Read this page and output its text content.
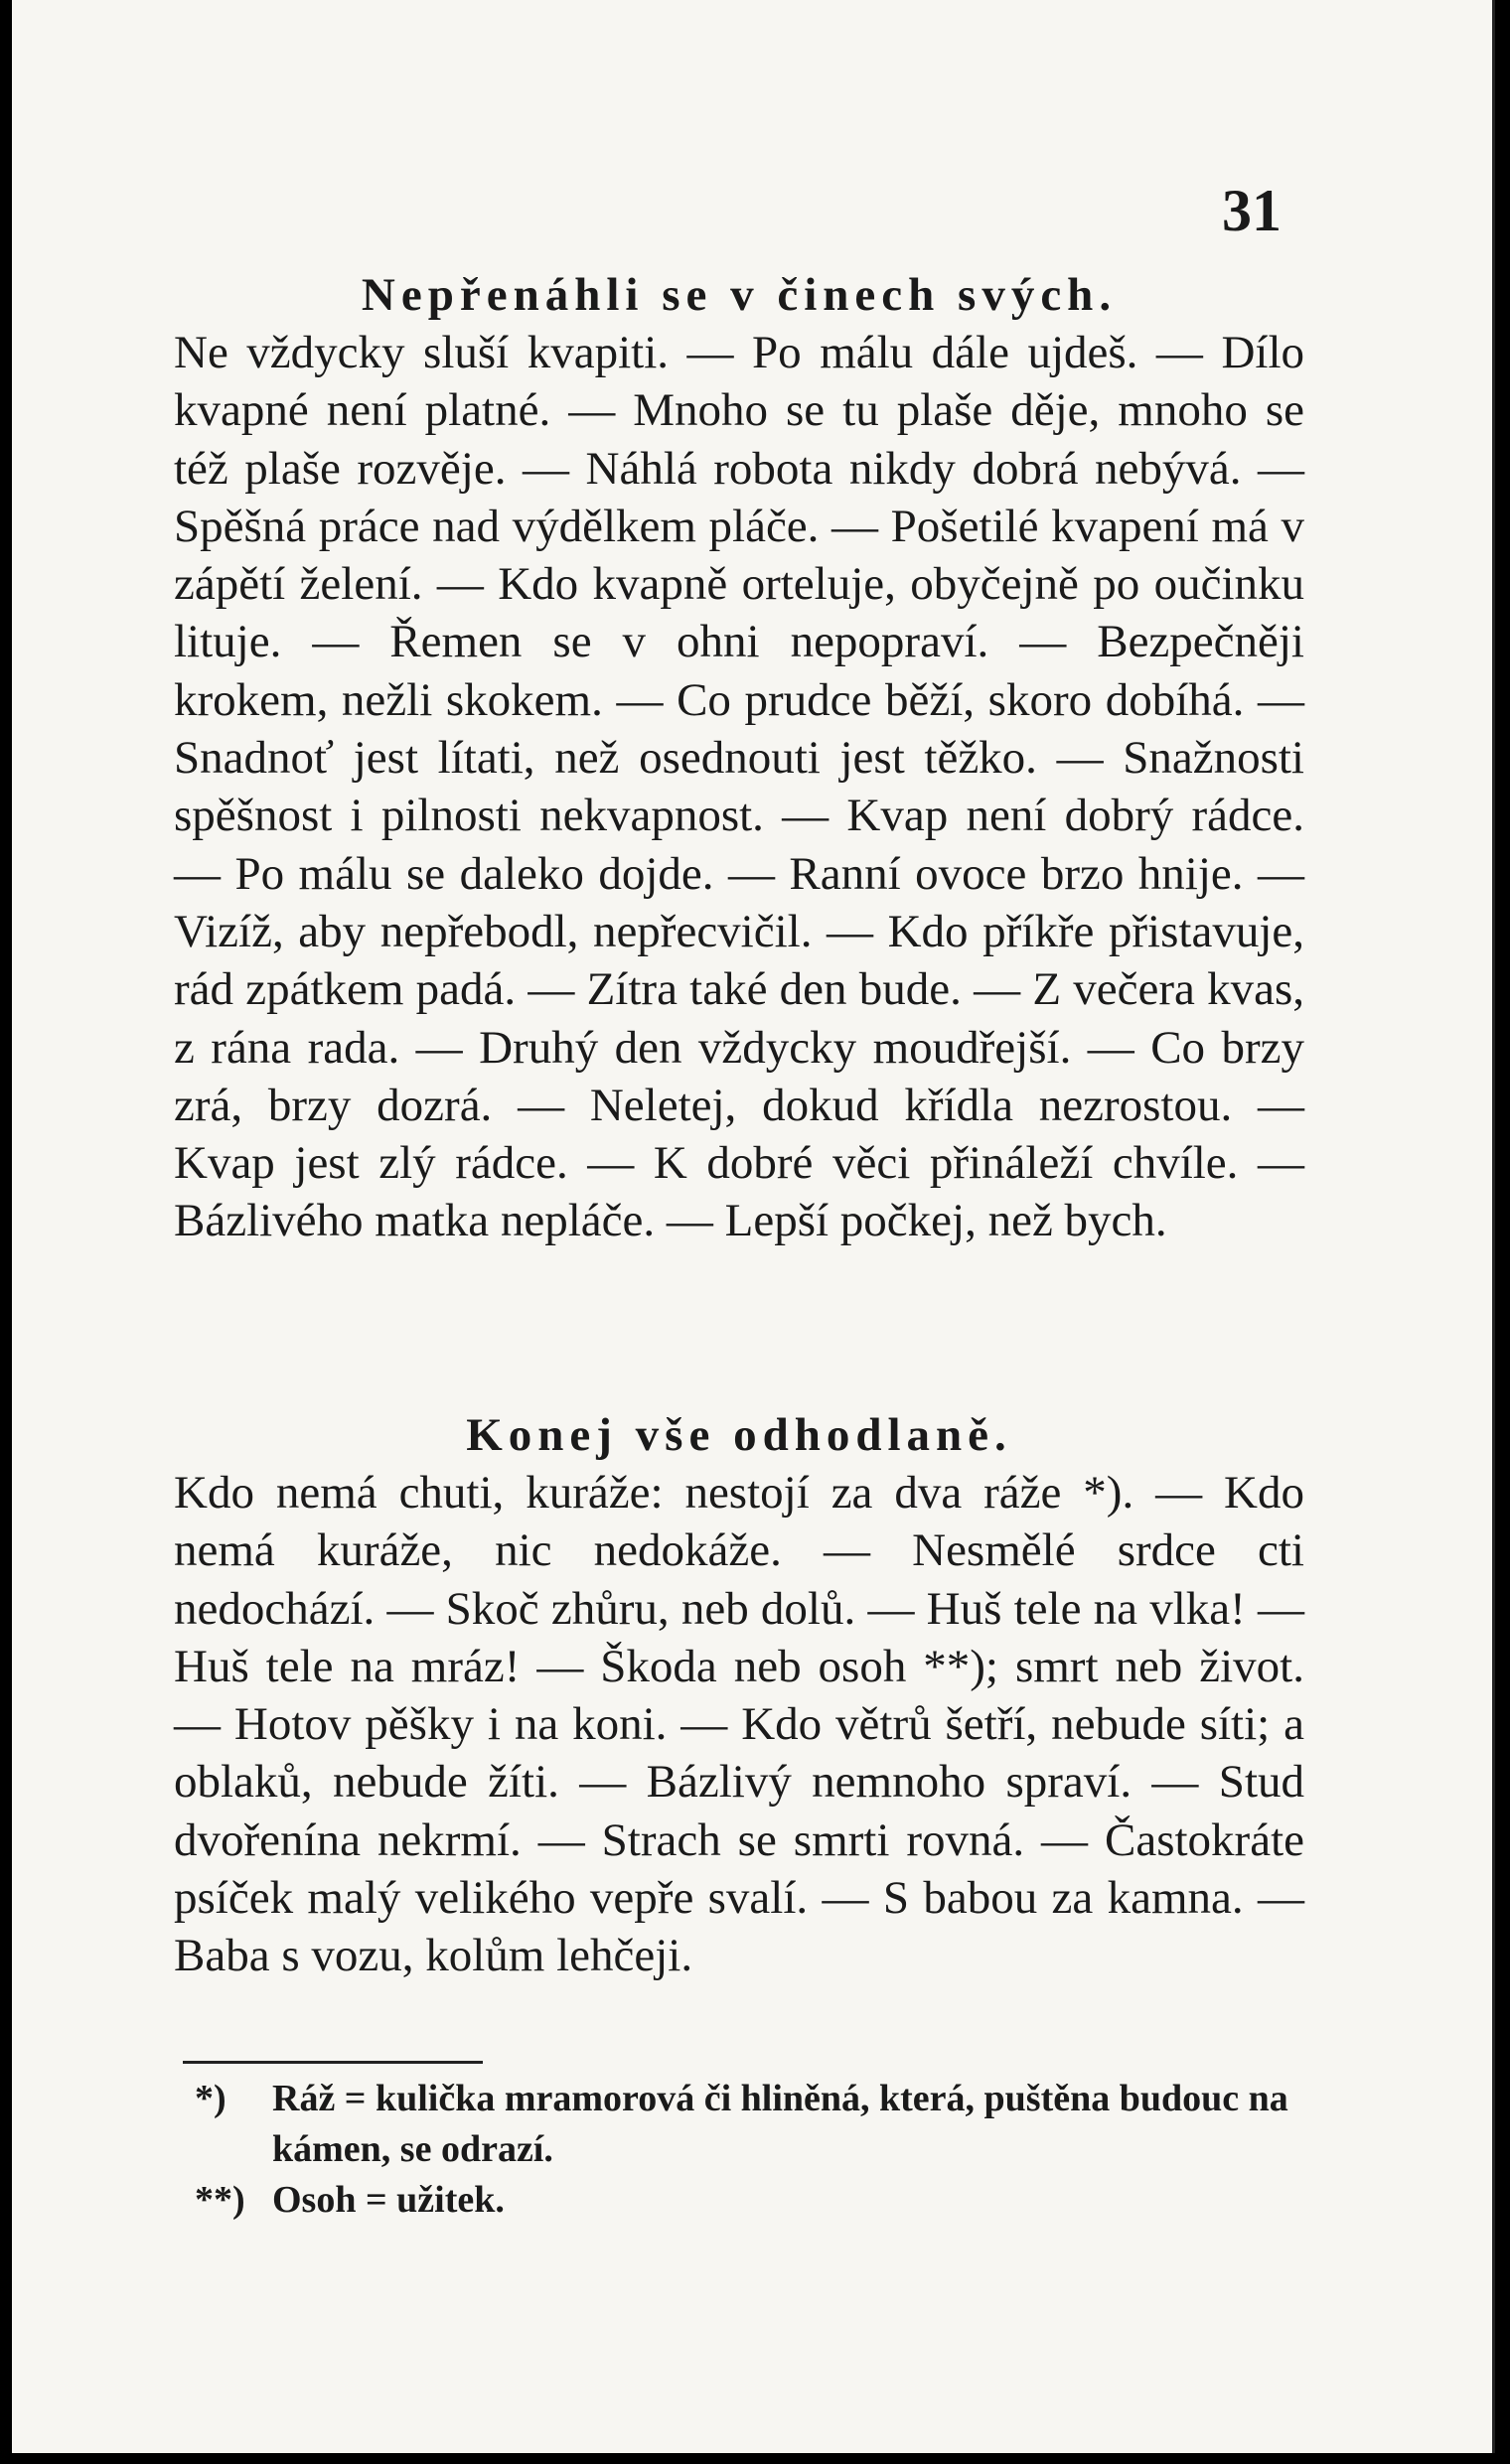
31
Nepřenáhli se v činech svých.

Ne vždycky sluší kvapiti. — Po málu dále ujdeš. — Dílo kvapné není platné. — Mnoho se tu plaše děje, mnoho se též plaše rozvěje. — Náhlá robota nikdy dobrá nebývá. — Spěšná práce nad výdělkem pláče. — Pošetilé kvapení má v zápětí želení. — Kdo kvapně orteluje, obyčejně po oučinku lituje. — Řemen se v ohni nepopraví. — Bezpečněji krokem, nežli skokem. — Co prudce běží, skoro dobíhá. — Snadnoť jest lítati, než osednouti jest těžko. — Snažnosti spěšnost i pilnosti nekvapnost. — Kvap není dobrý rádce. — Po málu se daleko dojde. — Ranní ovoce brzo hnije. — Vizíž, aby nepřebodl, nepřecvičil. — Kdo příkře přistavuje, rád zpátkem padá. — Zítra také den bude. — Z večera kvas, z rána rada. — Druhý den vždycky moudřejší. — Co brzy zrá, brzy dozrá. — Neletej, dokud křídla nezrostou. — Kvap jest zlý rádce. — K dobré věci přináleží chvíle. — Bázlivého matka nepláče. — Lepší počkej, než bych.

Konej vše odhodlaně.

Kdo nemá chuti, kuráže: nestojí za dva ráže *). — Kdo nemá kuráže, nic nedokáže. — Nesmělé srdce cti nedochází. — Skoč zhůru, neb dolů. — Huš tele na vlka! — Huš tele na mráz! — Škoda neb osoh **); smrt neb život. — Hotov pěšky i na koni. — Kdo větrů šetří, nebude síti; a oblaků, nebude žíti. — Bázlivý nemnoho spraví. — Stud dvořenína nekrmí. — Strach se smrti rovná. — Častokráte psíček malý velikého vepře svalí. — S babou za kamna. — Baba s vozu, kolům lehčeji.

*) Ráž = kulička mramorová či hliněná, která, puštěna budouc na kámen, se odrazí.

**) Osoh = užitek.
